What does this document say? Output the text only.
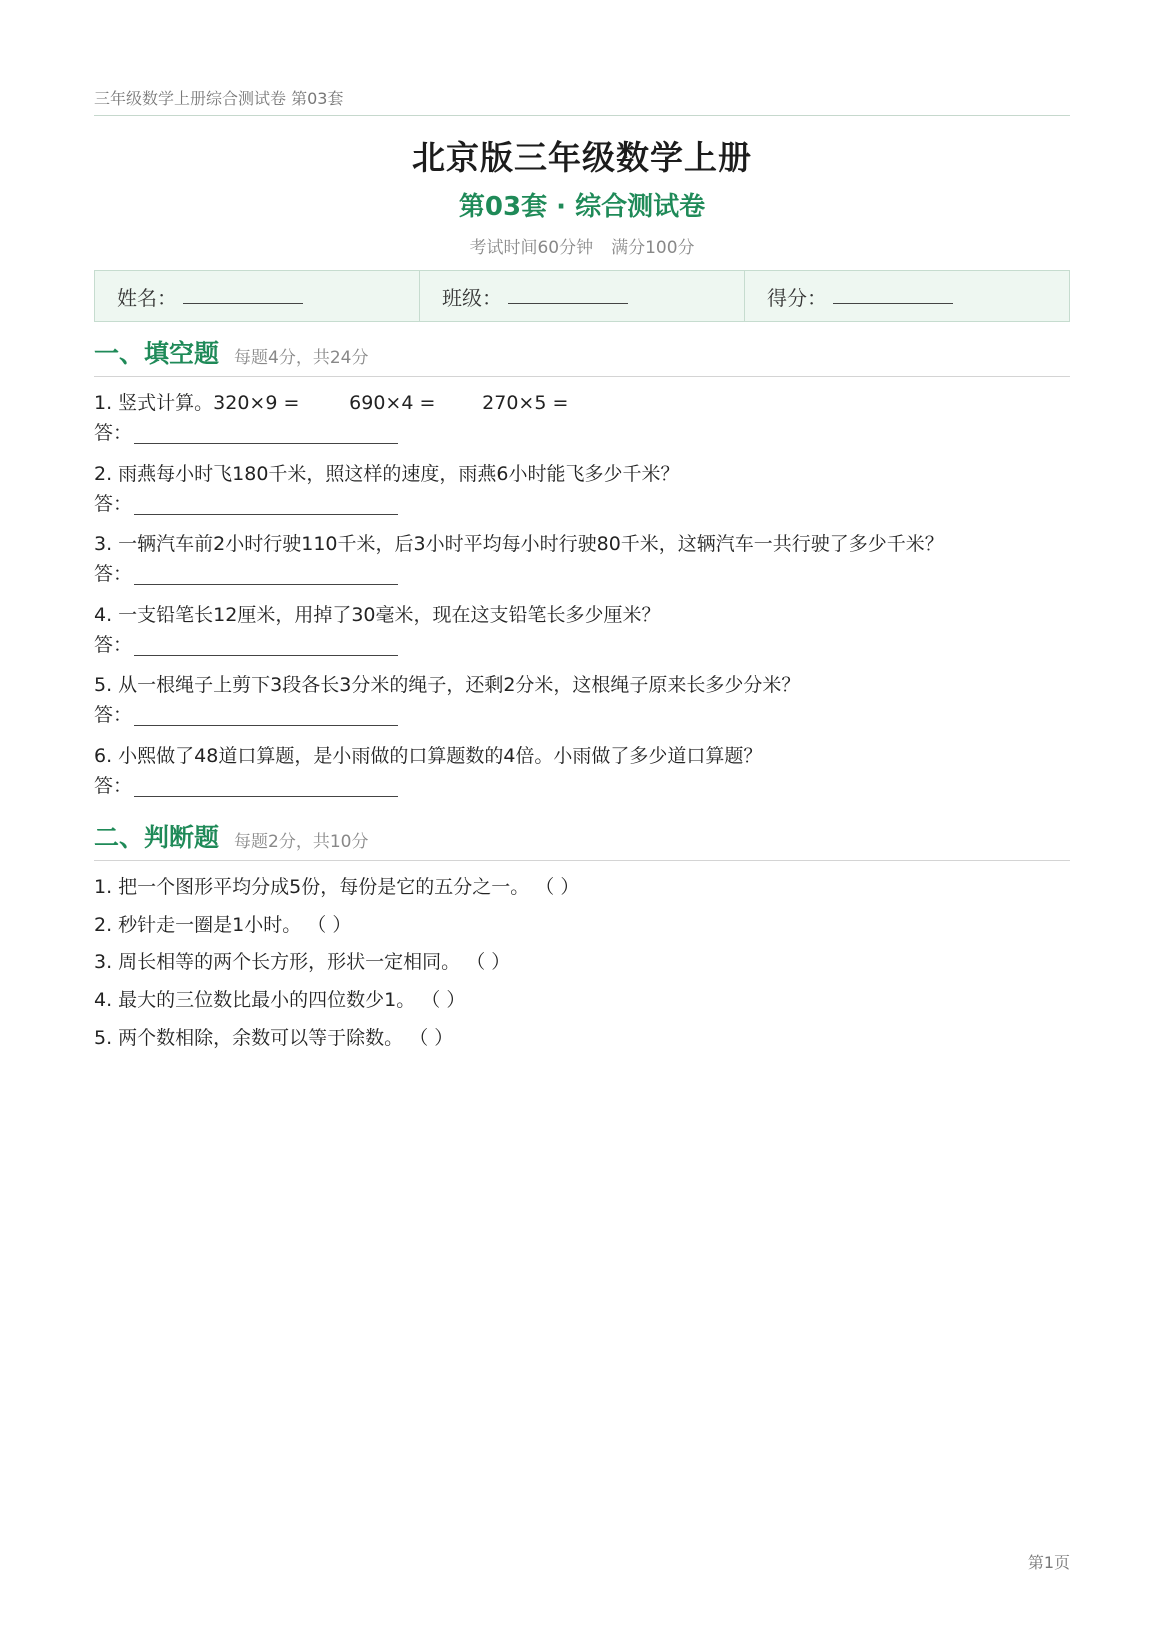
三年级数学上册综合测试卷 第03套
北京版三年级数学上册
第03套 · 综合测试卷
考试时间60分钟 满分100分
姓名：	班级：	得分：
一、填空题 每题4分，共24分
1. 竖式计算。320×9 =	690×4 = 270×5 =
答：
2. 雨燕每小时飞180千米，照这样的速度，雨燕6小时能飞多少千米？
答：
3. 一辆汽车前2小时行驶110千米，后3小时平均每小时行驶80千米，这辆汽车一共行驶了多少千米？
答：
4. 一支铅笔长12厘米，用掉了30毫米，现在这支铅笔长多少厘米？
答：
5. 从一根绳子上剪下3段各长3分米的绳子，还剩2分米，这根绳子原来长多少分米？
答：
6. 小熙做了48道口算题，是小雨做的口算题数的4倍。小雨做了多少道口算题？
答：
二、判断题 每题2分，共10分
1. 把一个图形平均分成5份，每份是它的五分之一。 （ ）
2. 秒针走一圈是1小时。 （ ）
3. 周长相等的两个长方形，形状一定相同。 （ ）
4. 最大的三位数比最小的四位数少1。 （ ）
5. 两个数相除，余数可以等于除数。 （ ）
第1页
